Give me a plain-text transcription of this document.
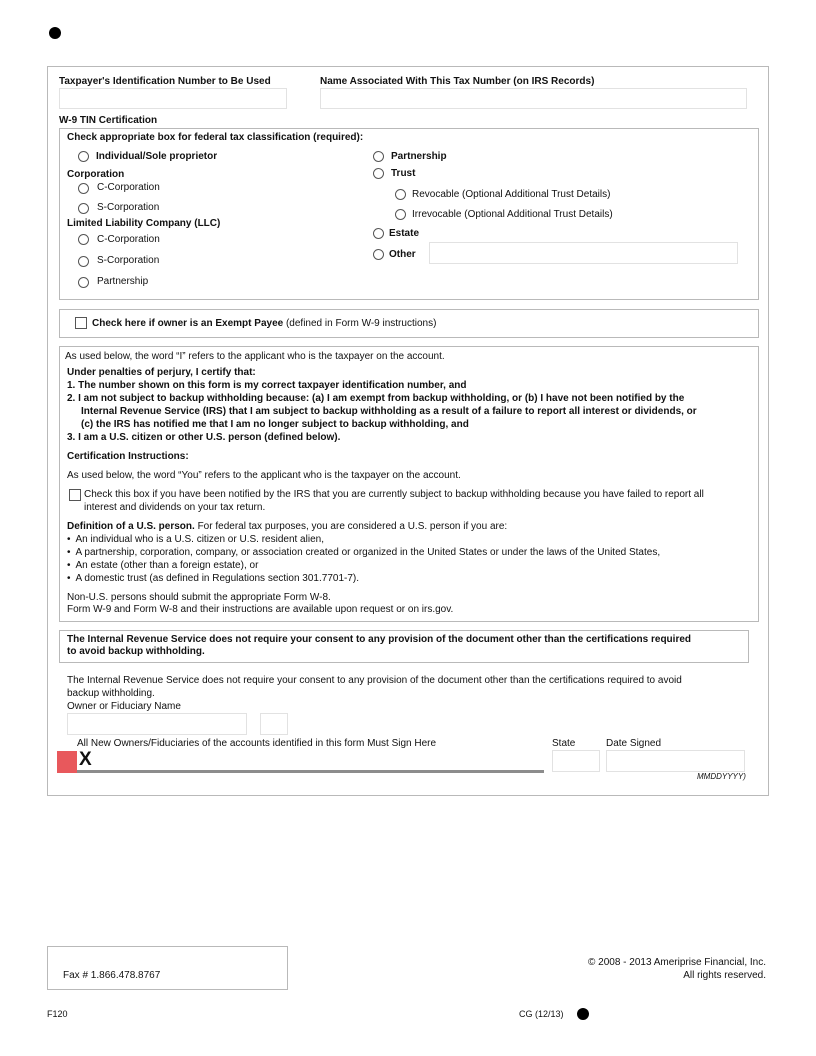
Taxpayer's Identification Number to Be Used	Name Associated With This Tax Number (on IRS Records)
W-9 TIN Certification
Check appropriate box for federal tax classification (required):
Individual/Sole proprietor
Corporation
C-Corporation
S-Corporation
Limited Liability Company (LLC)
C-Corporation
S-Corporation
Partnership
Partnership
Trust
Revocable (Optional Additional Trust Details)
Irrevocable (Optional Additional Trust Details)
Estate
Other
Check here if owner is an Exempt Payee (defined in Form W-9 instructions)
As used below, the word “I” refers to the applicant who is the taxpayer on the account.
Under penalties of perjury, I certify that:
1. The number shown on this form is my correct taxpayer identification number, and
2. I am not subject to backup withholding because: (a) I am exempt from backup withholding, or (b) I have not been notified by the
Internal Revenue Service (IRS) that I am subject to backup withholding as a result of a failure to report all interest or dividends, or
(c) the IRS has notified me that I am no longer subject to backup withholding, and
3. I am a U.S. citizen or other U.S. person (defined below).
Certification Instructions:
As used below, the word “You” refers to the applicant who is the taxpayer on the account.
Check this box if you have been notified by the IRS that you are currently subject to backup withholding because you have failed to report all
interest and dividends on your tax return.
Definition of a U.S. person. For federal tax purposes, you are considered a U.S. person if you are:
• An individual who is a U.S. citizen or U.S. resident alien,
• A partnership, corporation, company, or association created or organized in the United States or under the laws of the United States,
• An estate (other than a foreign estate), or
• A domestic trust (as defined in Regulations section 301.7701-7).
Non-U.S. persons should submit the appropriate Form W-8.
Form W-9 and Form W-8 and their instructions are available upon request or on irs.gov.
The Internal Revenue Service does not require your consent to any provision of the document other than the certifications required
to avoid backup withholding.
The Internal Revenue Service does not require your consent to any provision of the document other than the certifications required to avoid
backup withholding.
Owner or Fiduciary Name
All New Owners/Fiduciaries of the accounts identified in this form Must Sign Here	State	Date Signed
X
MMDDYYYY)
Fax # 1.866.478.8767
© 2008 - 2013 Ameriprise Financial, Inc.
All rights reserved.
F120	CG (12/13)
